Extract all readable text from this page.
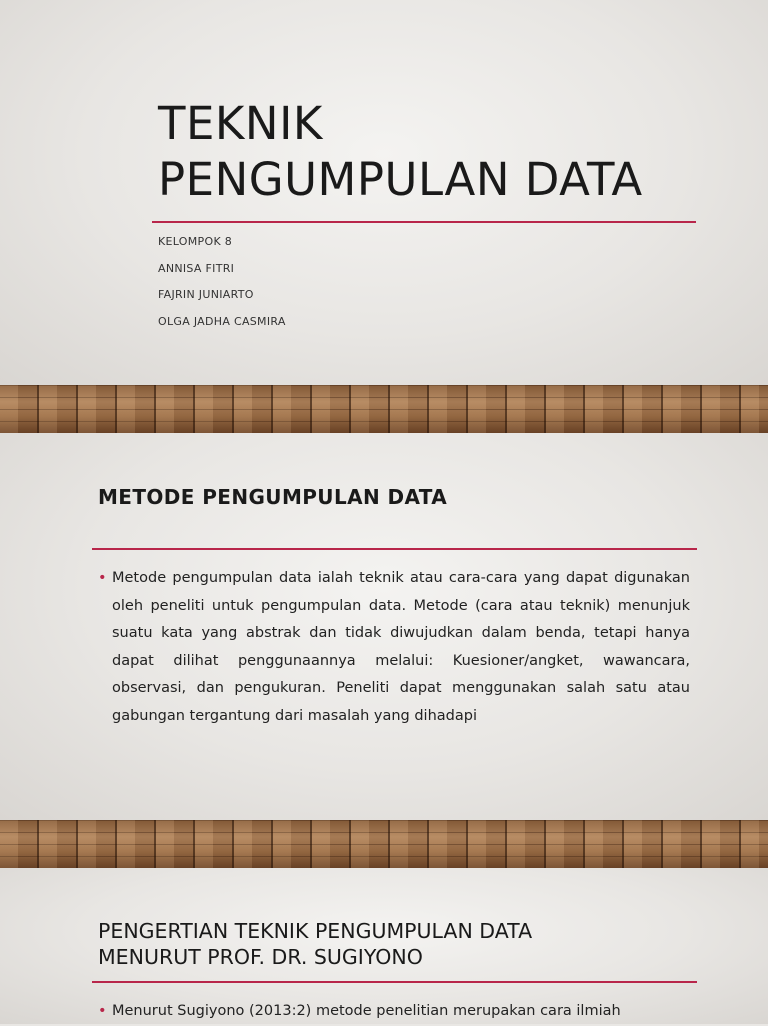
TEKNIK
PENGUMPULAN DATA
KELOMPOK 8
ANNISA FITRI
FAJRIN JUNIARTO
OLGA JADHA CASMIRA
METODE PENGUMPULAN DATA
• Metode pengumpulan data ialah teknik atau cara-cara yang dapat digunakan oleh peneliti untuk pengumpulan data. Metode (cara atau teknik) menunjuk suatu kata yang abstrak dan tidak diwujudkan dalam benda, tetapi hanya dapat dilihat penggunaannya melalui: Kuesioner/angket, wawancara, observasi, dan pengukuran. Peneliti dapat menggunakan salah satu atau gabungan tergantung dari masalah yang dihadapi
PENGERTIAN TEKNIK PENGUMPULAN DATA
MENURUT PROF. DR. SUGIYONO
• Menurut Sugiyono (2013:2) metode penelitian merupakan cara ilmiah
